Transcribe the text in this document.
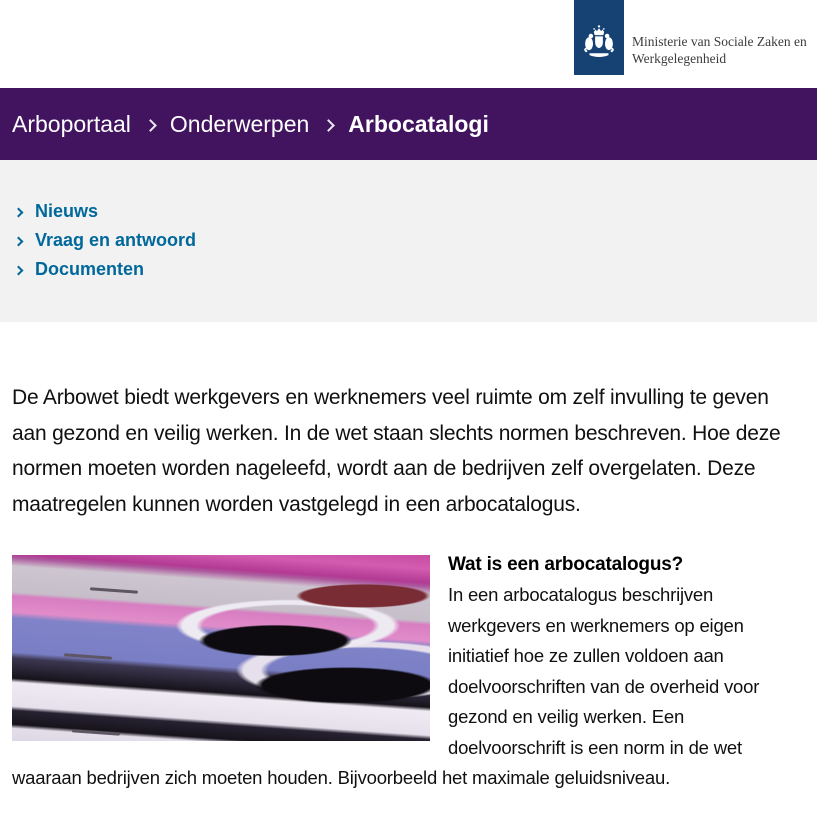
Ministerie van Sociale Zaken en
Werkgelegenheid
Arboportaal Onderwerpen Arbocatalogi
Nieuws
Vraag en antwoord
Documenten

De Arbowet biedt werkgevers en werknemers veel ruimte om zelf invulling te geven aan gezond en veilig werken. In de wet staan slechts normen beschreven. Hoe deze normen moeten worden nageleefd, wordt aan de bedrijven zelf overgelaten. Deze maatregelen kunnen worden vastgelegd in een arbocatalogus.

Wat is een arbocatalogus?

In een arbocatalogus beschrijven werkgevers en werknemers op eigen initiatief hoe ze zullen voldoen aan doelvoorschriften van de overheid voor gezond en veilig werken. Een doelvoorschrift is een norm in de wet waaraan bedrijven zich moeten houden. Bijvoorbeeld het maximale geluidsniveau.
